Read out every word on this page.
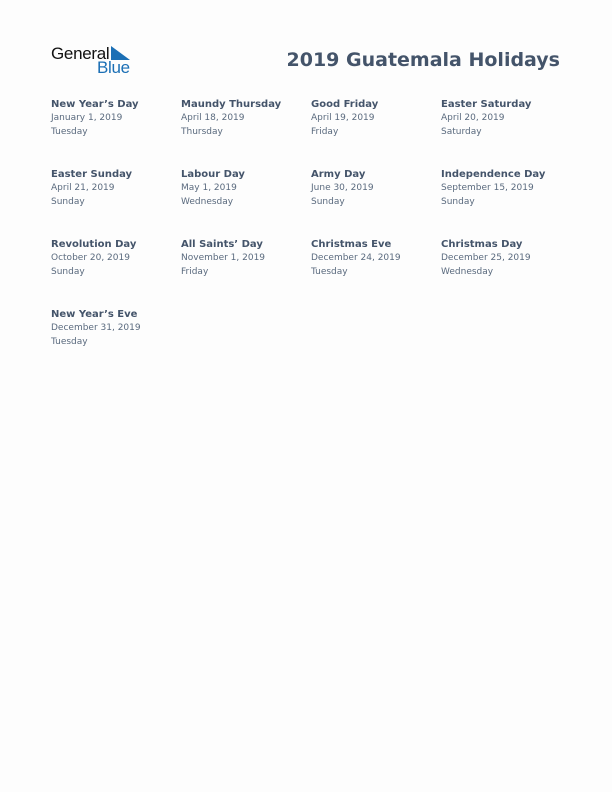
General
Blue	2019 Guatemala Holidays
New Year’s Day
January 1, 2019
Tuesday
Maundy Thursday
April 18, 2019
Thursday
Good Friday
April 19, 2019
Friday
Easter Saturday
April 20, 2019
Saturday
Easter Sunday
April 21, 2019
Sunday
Labour Day
May 1, 2019
Wednesday
Army Day
June 30, 2019
Sunday
Independence Day
September 15, 2019
Sunday
Revolution Day
October 20, 2019
Sunday
All Saints’ Day
November 1, 2019
Friday
Christmas Eve
December 24, 2019
Tuesday
Christmas Day
December 25, 2019
Wednesday
New Year’s Eve
December 31, 2019
Tuesday
